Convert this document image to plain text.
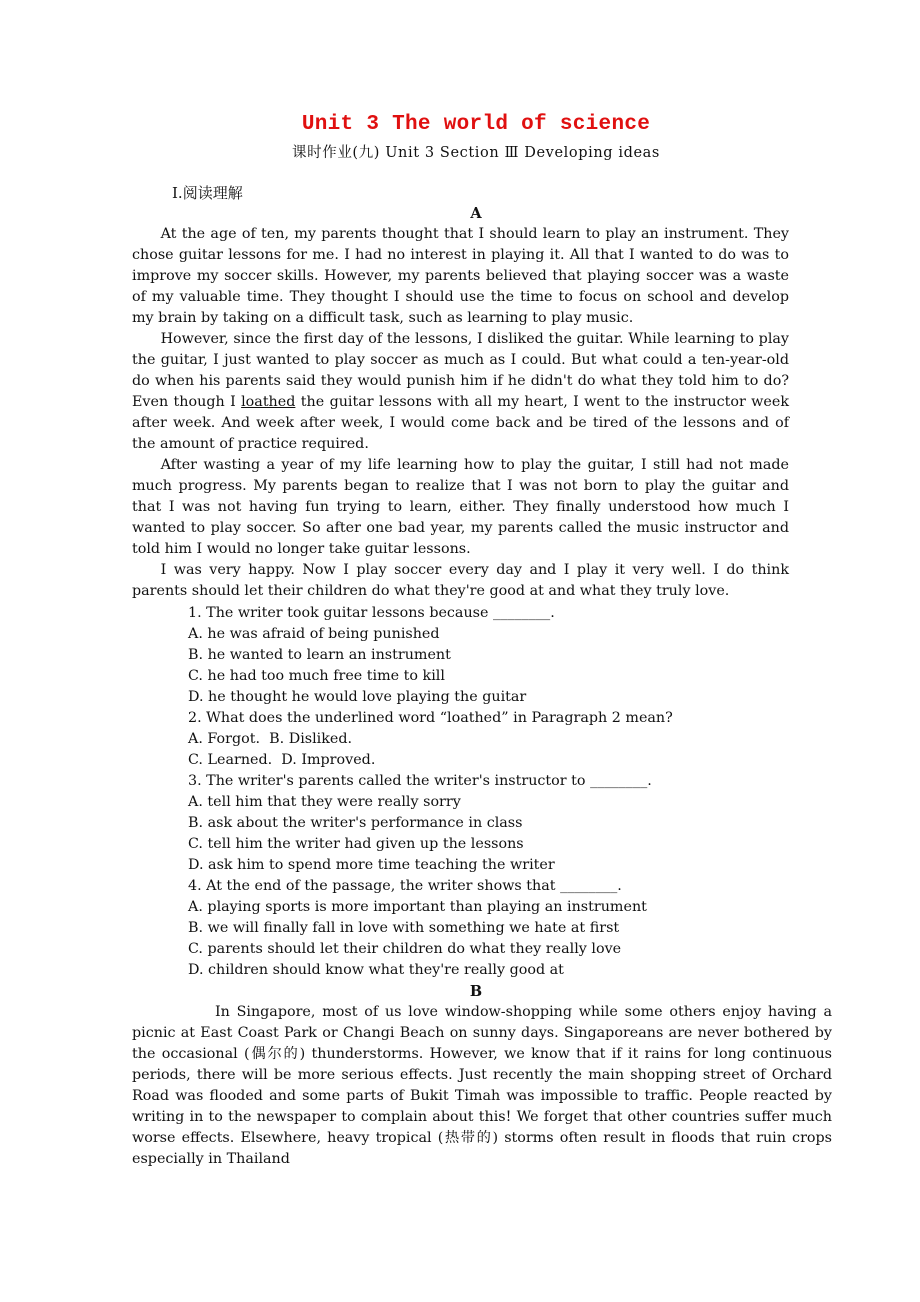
Unit 3 The world of science
课时作业(九) Unit 3 Section Ⅲ Developing ideas
Ⅰ.阅读理解
A

At the age of ten, my parents thought that I should learn to play an instrument. They chose guitar lessons for me. I had no interest in playing it. All that I wanted to do was to improve my soccer skills. However, my parents believed that playing soccer was a waste of my valuable time. They thought I should use the time to focus on school and develop my brain by taking on a difficult task, such as learning to play music.

However, since the first day of the lessons, I disliked the guitar. While learning to play the guitar, I just wanted to play soccer as much as I could. But what could a ten-year-old do when his parents said they would punish him if he didn't do what they told him to do? Even though I loathed the guitar lessons with all my heart, I went to the instructor week after week. And week after week, I would come back and be tired of the lessons and of the amount of practice required.

After wasting a year of my life learning how to play the guitar, I still had not made much progress. My parents began to realize that I was not born to play the guitar and that I was not having fun trying to learn, either. They finally understood how much I wanted to play soccer. So after one bad year, my parents called the music instructor and told him I would no longer take guitar lessons.

I was very happy. Now I play soccer every day and I play it very well. I do think parents should let their children do what they're good at and what they truly love.

1. The writer took guitar lessons because ________.

A. he was afraid of being punished

B. he wanted to learn an instrument

C. he had too much free time to kill

D. he thought he would love playing the guitar

2. What does the underlined word “loathed” in Paragraph 2 mean?

A. Forgot.  B. Disliked.

C. Learned.  D. Improved.

3. The writer's parents called the writer's instructor to ________.

A. tell him that they were really sorry

B. ask about the writer's performance in class

C. tell him the writer had given up the lessons

D. ask him to spend more time teaching the writer

4. At the end of the passage, the writer shows that ________.

A. playing sports is more important than playing an instrument

B. we will finally fall in love with something we hate at first

C. parents should let their children do what they really love

D. children should know what they're really good at

B

In Singapore, most of us love window-shopping while some others enjoy having a picnic at East Coast Park or Changi Beach on sunny days. Singaporeans are never bothered by the occasional (偶尔的) thunderstorms. However, we know that if it rains for long continuous periods, there will be more serious effects. Just recently the main shopping street of Orchard Road was flooded and some parts of Bukit Timah was impossible to traffic. People reacted by writing in to the newspaper to complain about this! We forget that other countries suffer much worse effects. Elsewhere, heavy tropical (热带的) storms often result in floods that ruin crops especially in Thailand
